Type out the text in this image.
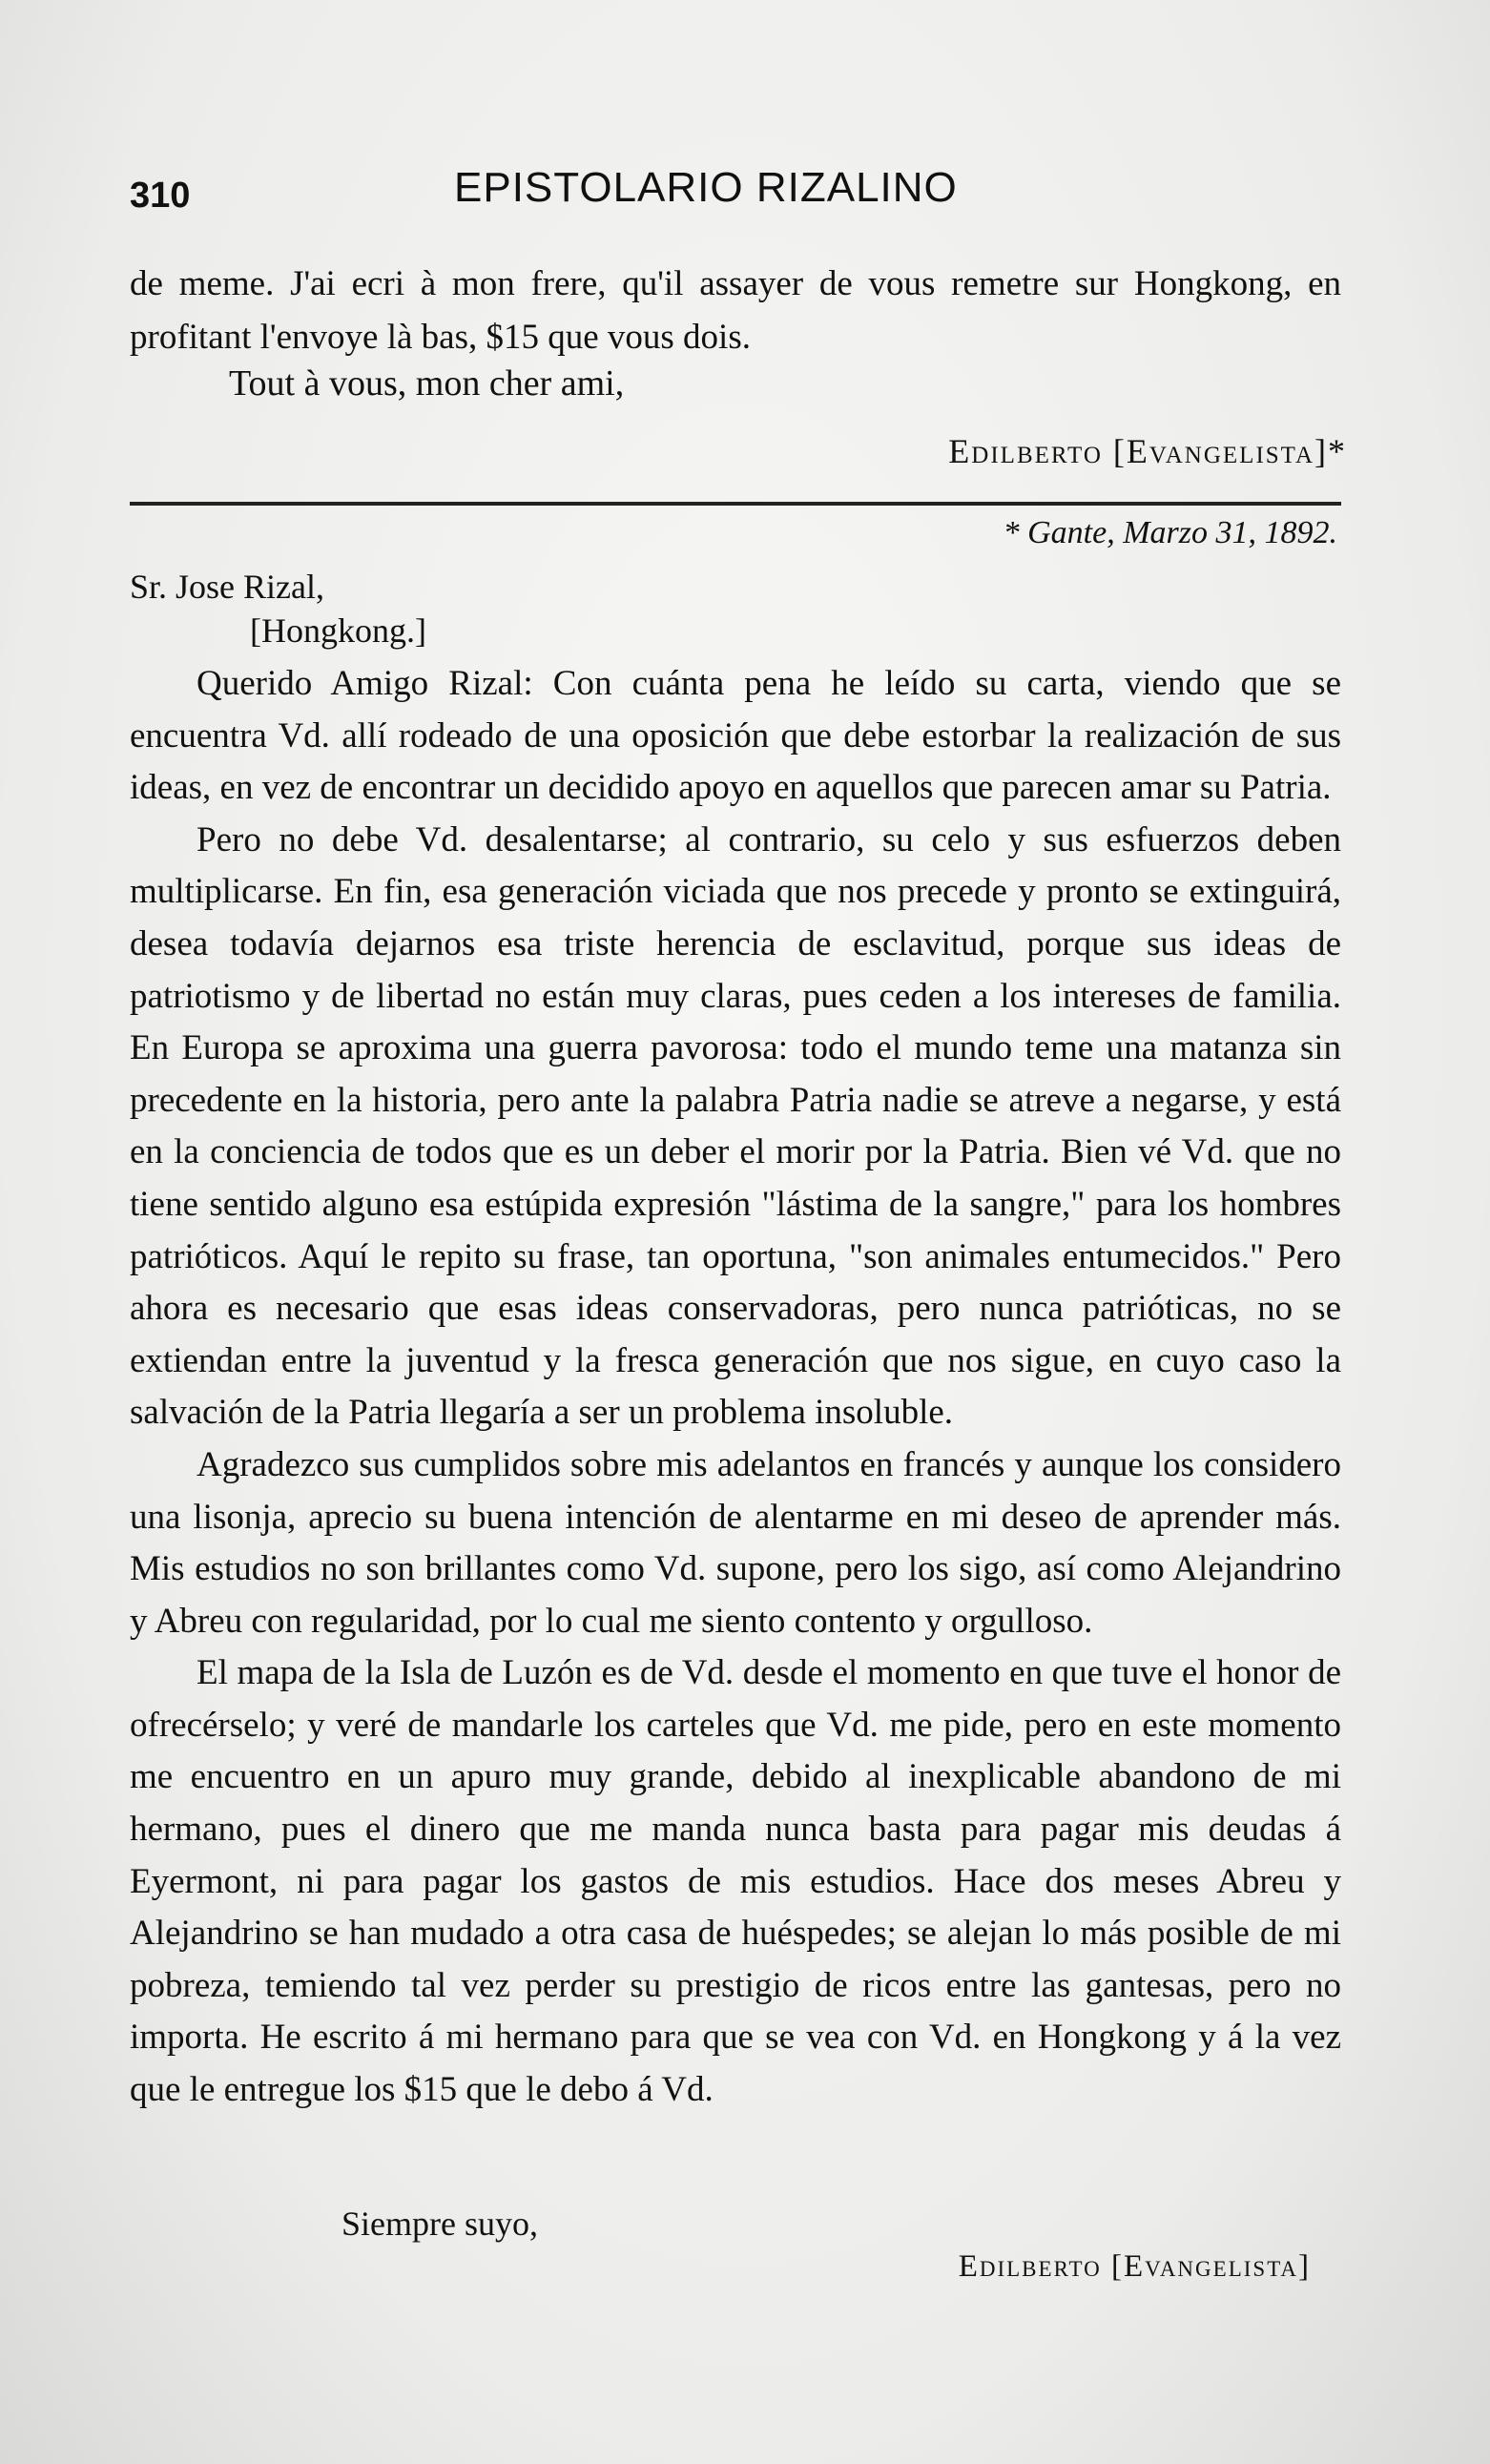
310	EPISTOLARIO RIZALINO

de meme. J'ai ecri à mon frere, qu'il assayer de vous remetre sur Hongkong, en profitant l'envoye là bas, $15 que vous dois.

Tout à vous, mon cher ami,
Edilberto [Evangelista]*
* Gante, Marzo 31, 1892.
Sr. Jose Rizal,
[Hongkong.]

Querido Amigo Rizal: Con cuánta pena he leído su carta, viendo que se encuentra Vd. allí rodeado de una oposición que debe estorbar la realización de sus ideas, en vez de encontrar un decidido apoyo en aquellos que parecen amar su Patria.

Pero no debe Vd. desalentarse; al contrario, su celo y sus esfuerzos deben multiplicarse. En fin, esa generación viciada que nos precede y pronto se extinguirá, desea todavía dejarnos esa triste herencia de esclavitud, porque sus ideas de patriotismo y de libertad no están muy claras, pues ceden a los intereses de familia. En Europa se aproxima una guerra pavorosa: todo el mundo teme una matanza sin precedente en la historia, pero ante la palabra Patria nadie se atreve a negarse, y está en la conciencia de todos que es un deber el morir por la Patria. Bien vé Vd. que no tiene sentido alguno esa estúpida expresión "lástima de la sangre," para los hombres patrióticos. Aquí le repito su frase, tan oportuna, "son animales entumecidos." Pero ahora es necesario que esas ideas conservadoras, pero nunca patrióticas, no se extiendan entre la juventud y la fresca generación que nos sigue, en cuyo caso la salvación de la Patria llegaría a ser un problema insoluble.

Agradezco sus cumplidos sobre mis adelantos en francés y aunque los considero una lisonja, aprecio su buena intención de alentarme en mi deseo de aprender más. Mis estudios no son brillantes como Vd. supone, pero los sigo, así como Alejandrino y Abreu con regularidad, por lo cual me siento contento y orgulloso.

El mapa de la Isla de Luzón es de Vd. desde el momento en que tuve el honor de ofrecérselo; y veré de mandarle los carteles que Vd. me pide, pero en este momento me encuentro en un apuro muy grande, debido al inexplicable abandono de mi hermano, pues el dinero que me manda nunca basta para pagar mis deudas á Eyermont, ni para pagar los gastos de mis estudios. Hace dos meses Abreu y Alejandrino se han mudado a otra casa de huéspedes; se alejan lo más posible de mi pobreza, temiendo tal vez perder su prestigio de ricos entre las gantesas, pero no importa. He escrito á mi hermano para que se vea con Vd. en Hongkong y á la vez que le entregue los $15 que le debo á Vd.

Siempre suyo,
Edilberto [Evangelista]
